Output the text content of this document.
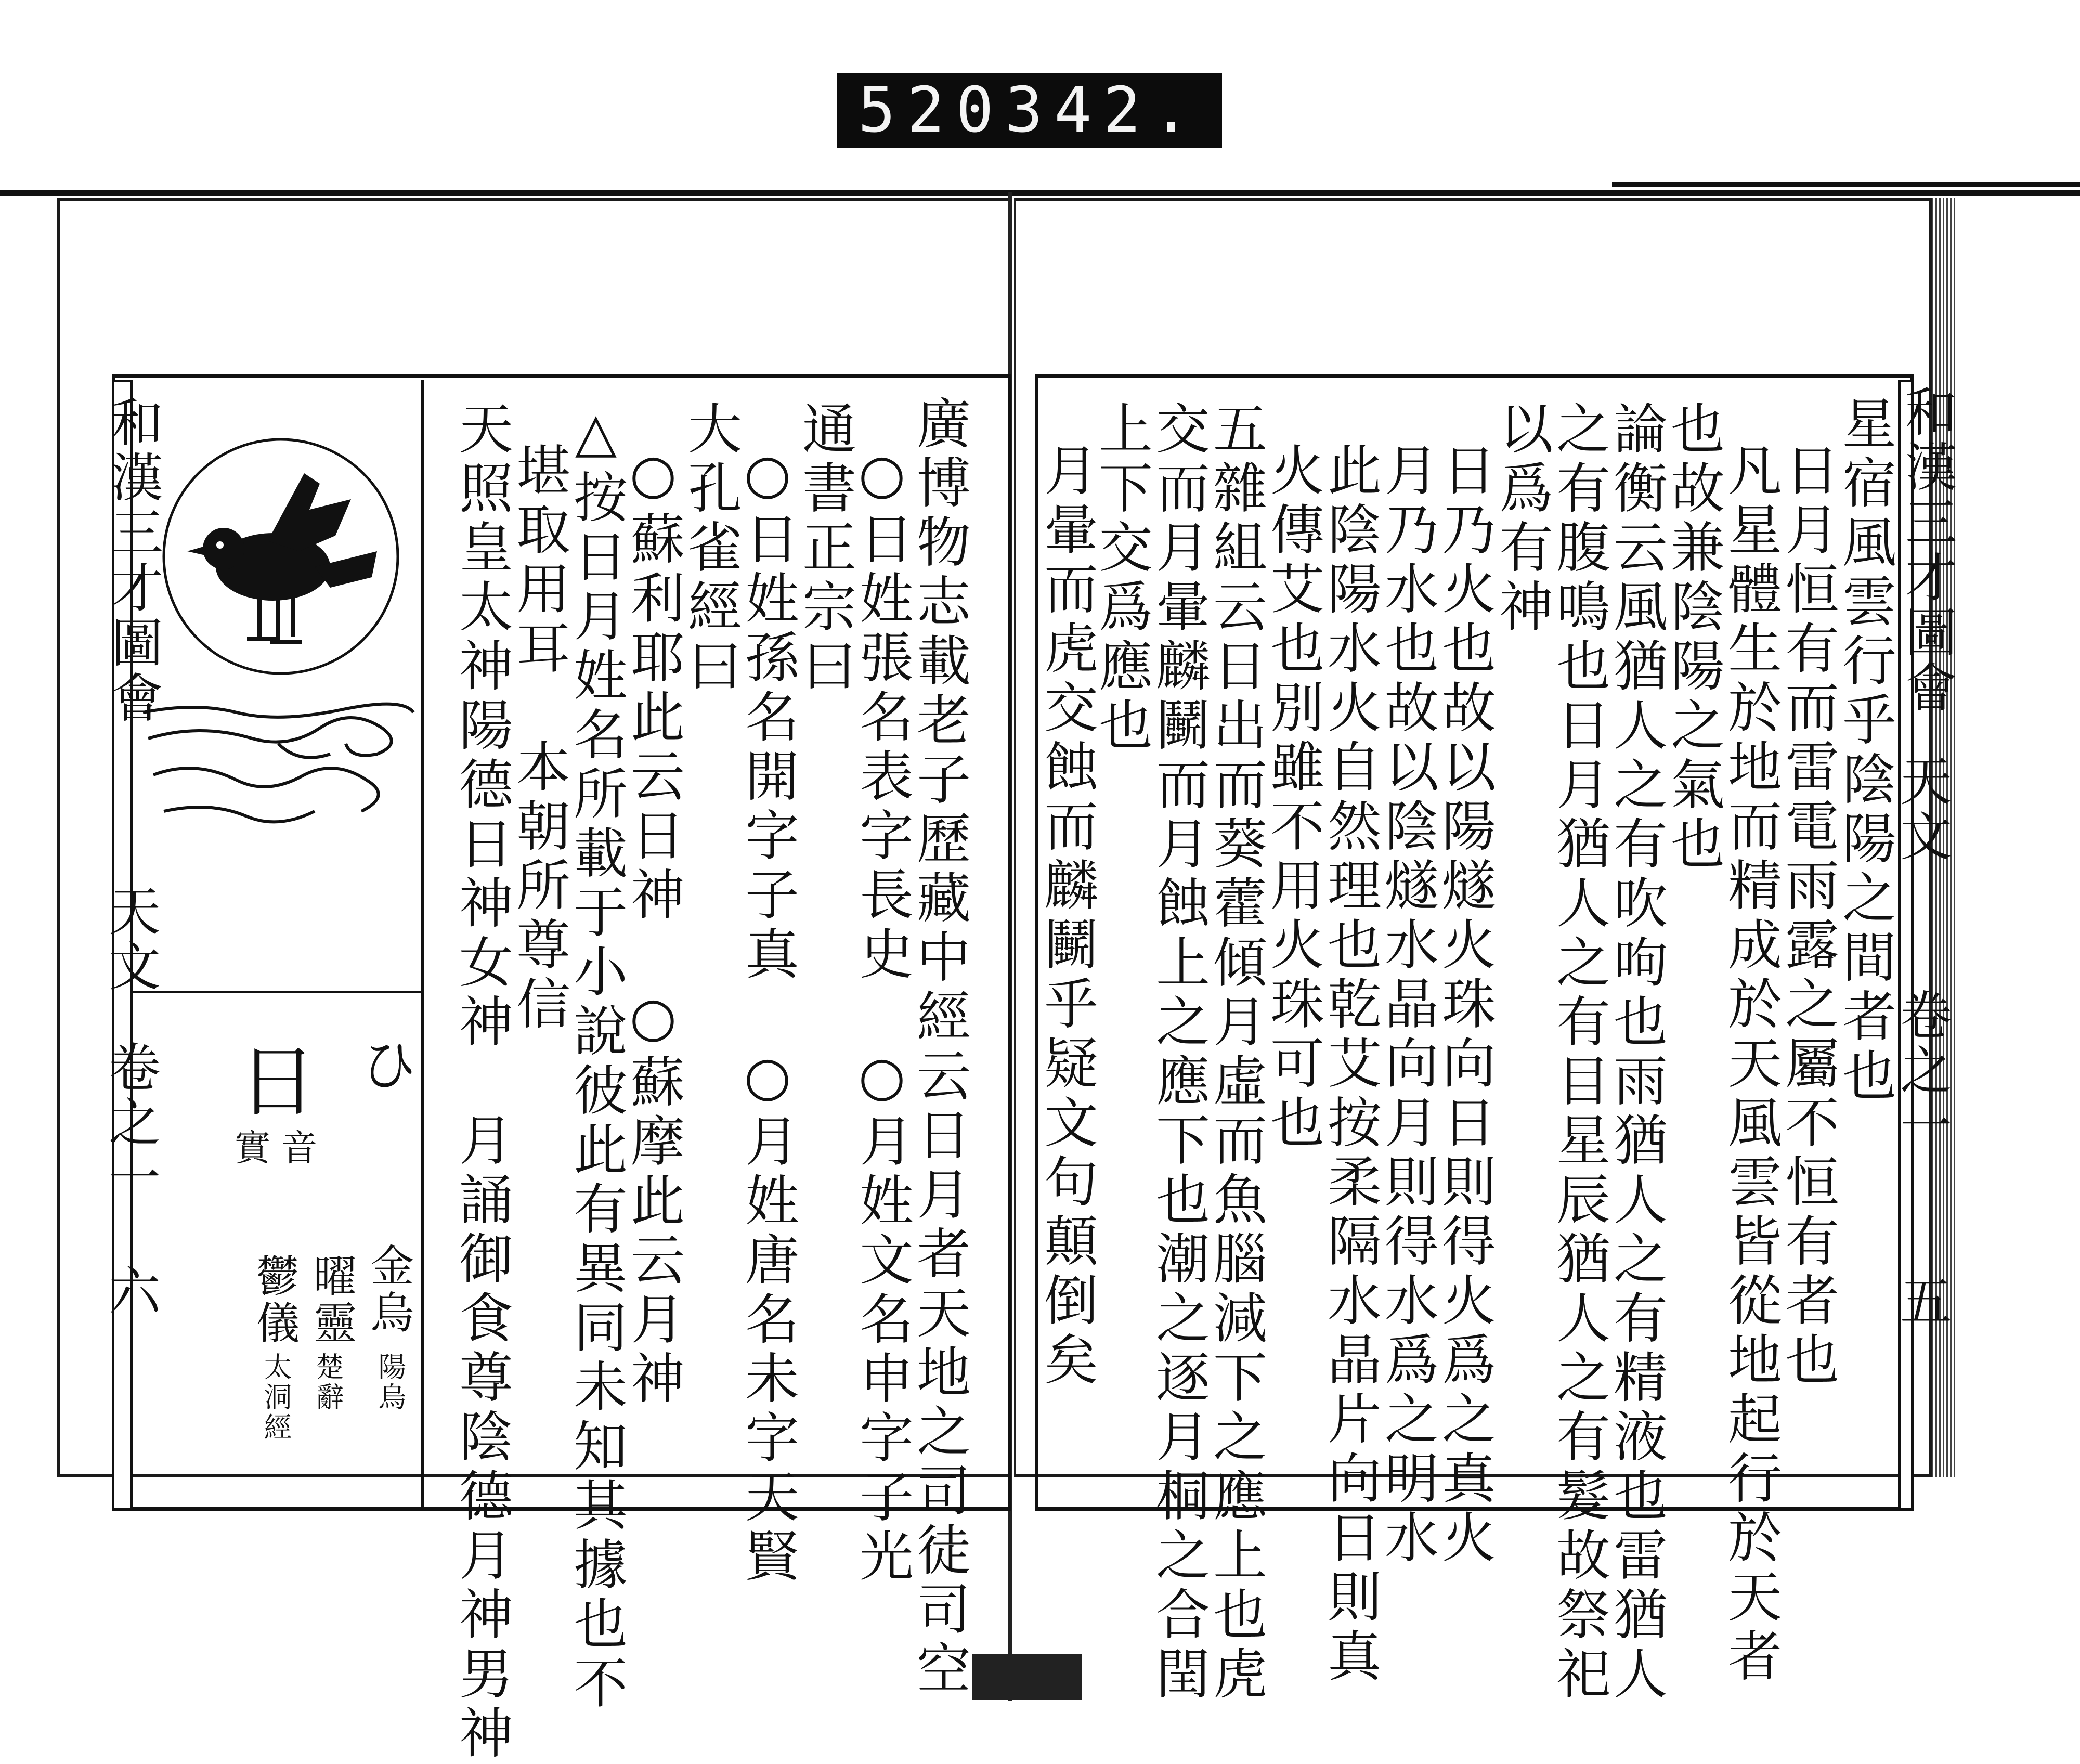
520 342.
和漢三才圖會
天文
卷之一
六
和漢三才圖會
天文
卷之一
五
日 ひ
音
實
金烏
陽烏
曜靈
楚辭
鬱儀
太洞經	廣博物志載老子歷藏中經云日月者天地之司徒司空
○日姓張名表字長史　○月姓文名申字子光
通書正宗曰
○日姓孫名開字子真　○月姓唐名未字天賢
大孔雀經曰
○蘇利耶此云日神　○蘇摩此云月神
△按日月姓名所載于小說彼此有異同未知其據也不
堪取用耳　本朝所尊信
天照皇太神陽德日神女神　月誦御食尊陰德月神男神	星宿風雲行乎陰陽之間者也
日月恒有而雷電雨露之屬不恒有者也
凡星體生於地而精成於天風雲皆從地起行於天者
也故兼陰陽之氣也
論衡云風猶人之有吹呴也雨猶人之有精液也雷猶人
之有腹鳴也日月猶人之有目星辰猶人之有髮故祭祀
以爲有神
日乃火也故以陽燧火珠向日則得火爲之真火
月乃水也故以陰燧水晶向月則得水爲之明水
此陰陽水火自然理也乾艾按柔隔水晶片向日則真
火傳艾也別雖不用火珠可也
五雜組云日出而葵藿傾月虛而魚腦減下之應上也虎
交而月暈麟鬭而月蝕上之應下也潮之逐月桐之合閏
上下交爲應也
月暈而虎交蝕而麟鬭乎疑文句顛倒矣
